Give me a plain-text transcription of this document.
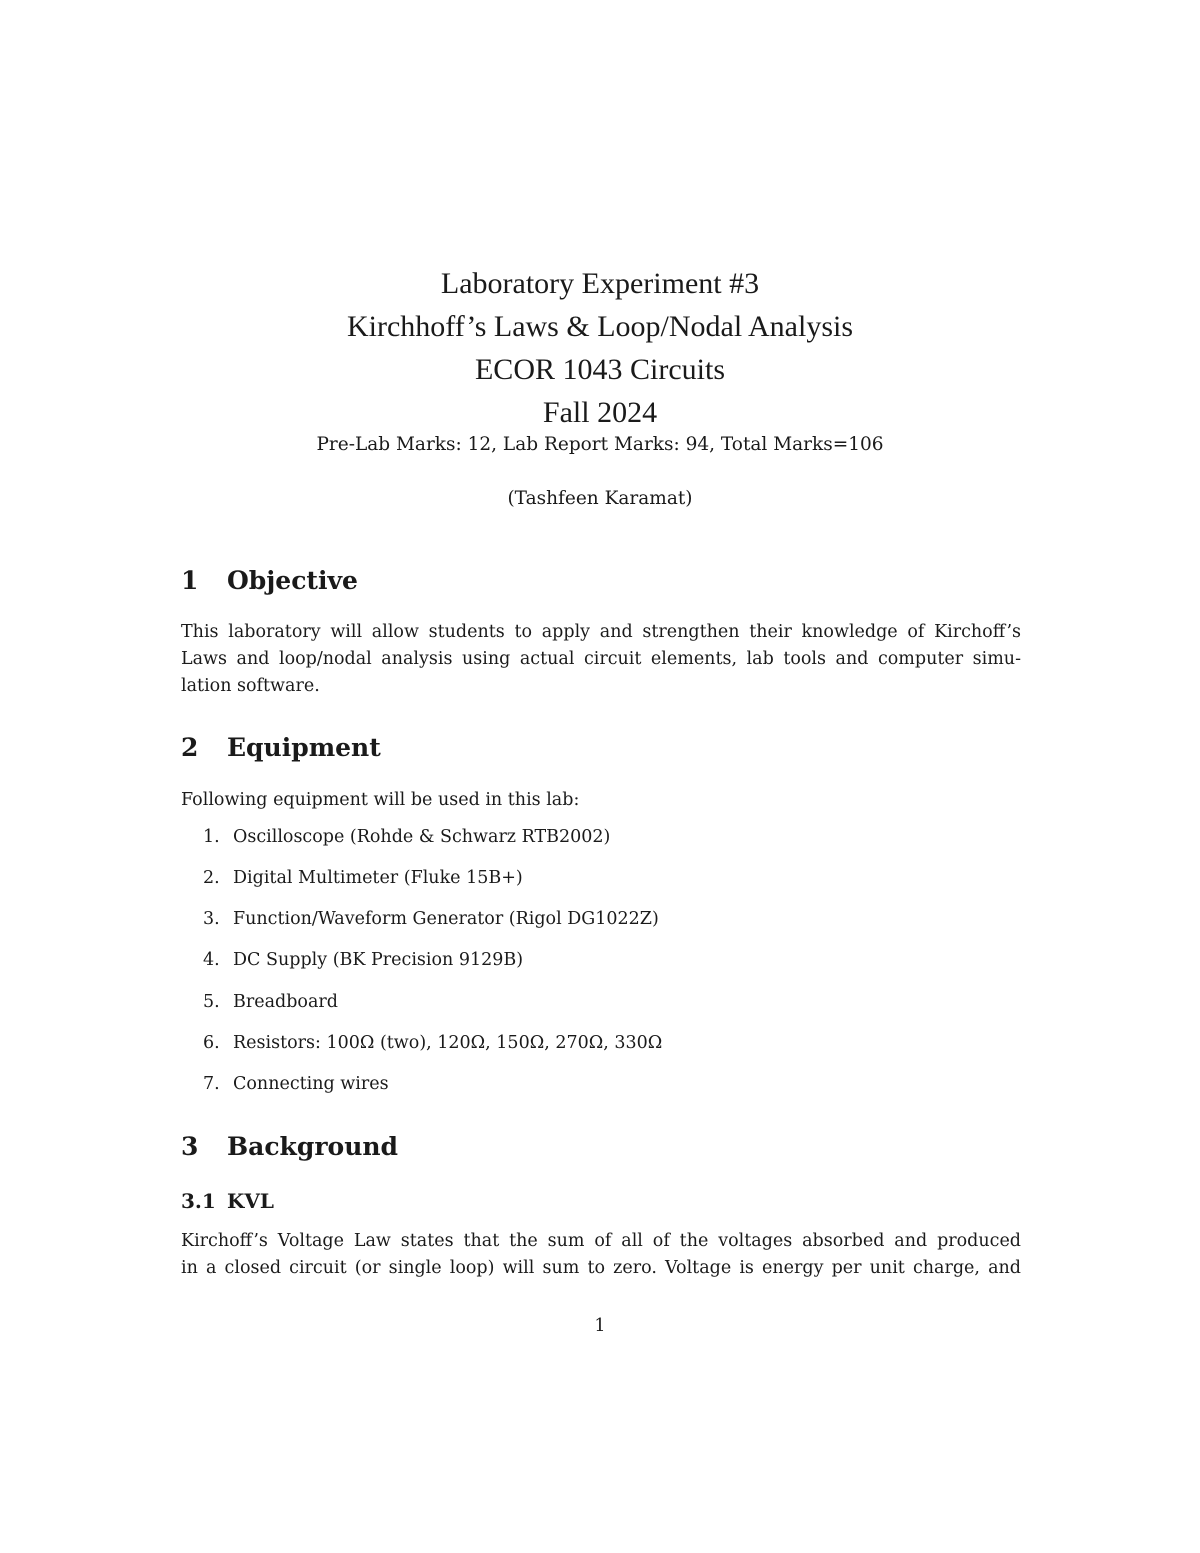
Laboratory Experiment #3
Kirchhoff’s Laws & Loop/Nodal Analysis
ECOR 1043 Circuits
Fall 2024
Pre-Lab Marks: 12, Lab Report Marks: 94, Total Marks=106
(Tashfeen Karamat)
1 Objective
This laboratory will allow students to apply and strengthen their knowledge of Kirchoff’s
Laws and loop/nodal analysis using actual circuit elements, lab tools and computer simu-
lation software.
2 Equipment
Following equipment will be used in this lab:
1. Oscilloscope (Rohde & Schwarz RTB2002)
2. Digital Multimeter (Fluke 15B+)
3. Function/Waveform Generator (Rigol DG1022Z)
4. DC Supply (BK Precision 9129B)
5. Breadboard
6. Resistors: 100Ω (two), 120Ω, 150Ω, 270Ω, 330Ω
7. Connecting wires
3 Background
3.1 KVL
Kirchoff’s Voltage Law states that the sum of all of the voltages absorbed and produced
in a closed circuit (or single loop) will sum to zero. Voltage is energy per unit charge, and
1
